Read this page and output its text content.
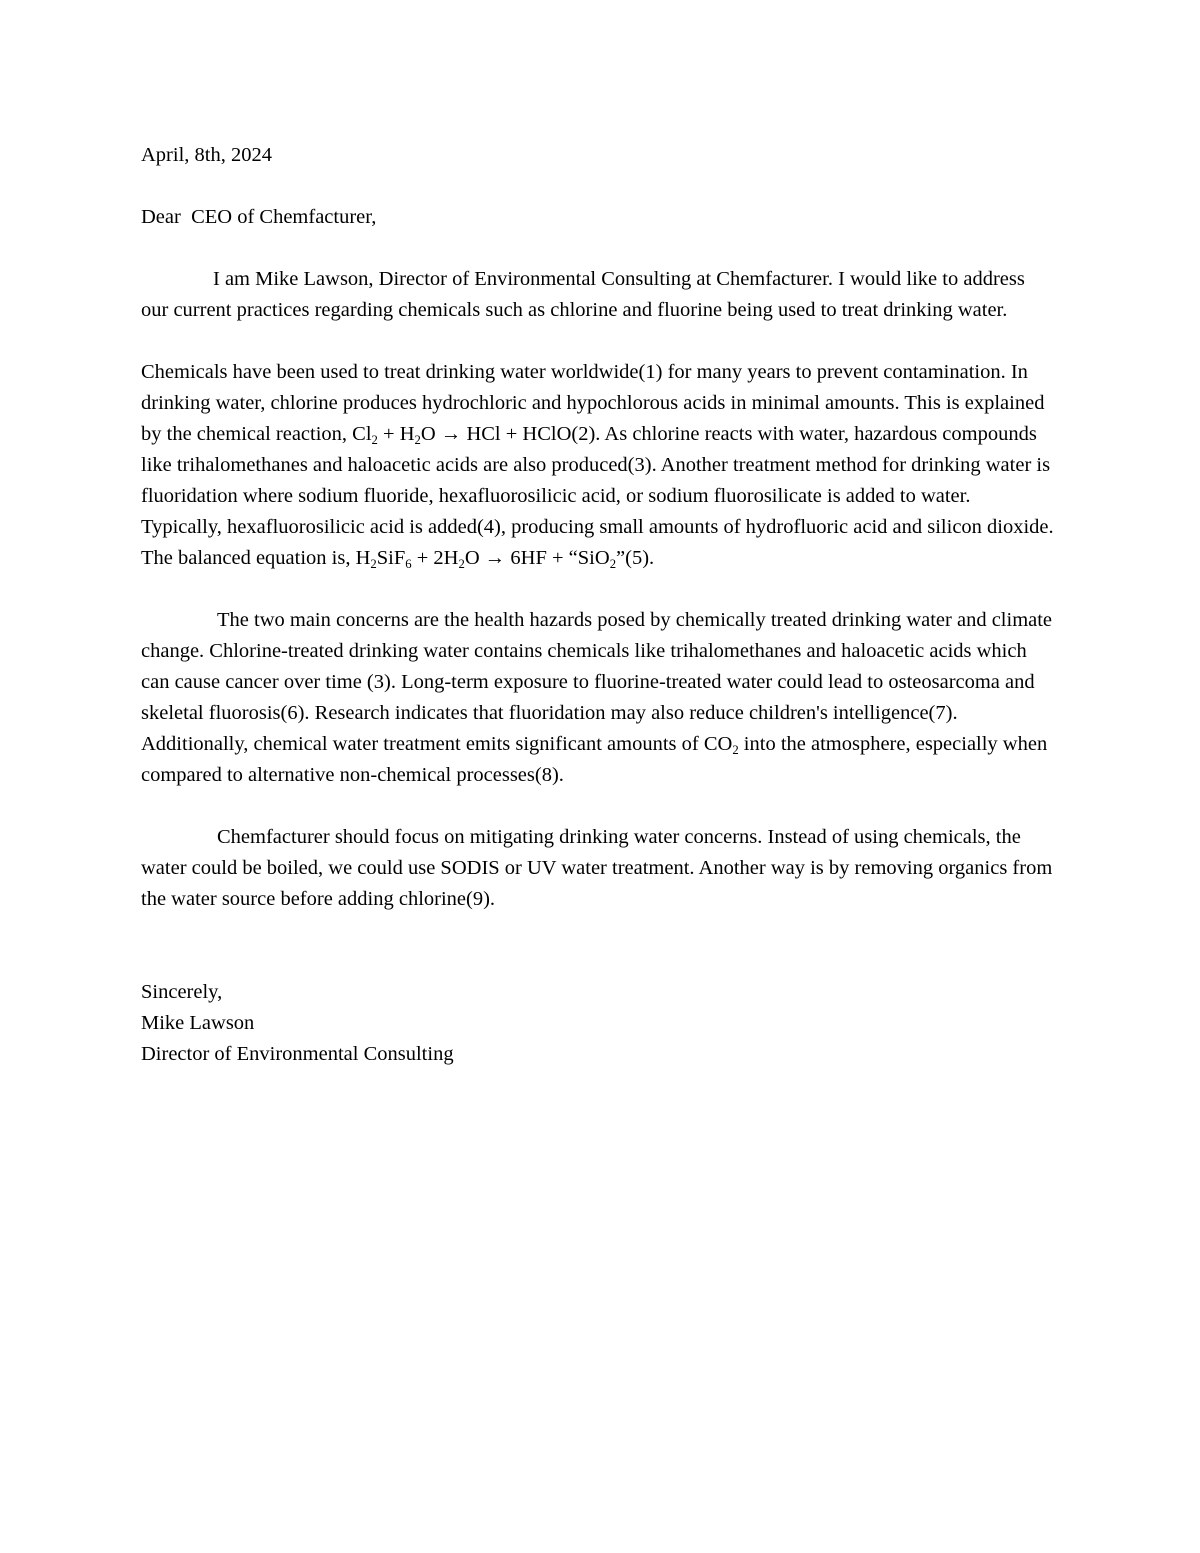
April, 8th, 2024

Dear  CEO of Chemfacturer,

I am Mike Lawson, Director of Environmental Consulting at Chemfacturer. I would like to address our current practices regarding chemicals such as chlorine and fluorine being used to treat drinking water.

Chemicals have been used to treat drinking water worldwide(1) for many years to prevent contamination. In drinking water, chlorine produces hydrochloric and hypochlorous acids in minimal amounts. This is explained by the chemical reaction, $Cl_2 + H_2O$ → HCl + HClO(2). As chlorine reacts with water, hazardous compounds like trihalomethanes and haloacetic acids are also produced(3). Another treatment method for drinking water is fluoridation where sodium fluoride, hexafluorosilicic acid, or sodium fluorosilicate is added to water. Typically, hexafluorosilicic acid is added(4), producing small amounts of hydrofluoric acid and silicon dioxide. The balanced equation is, $H_2SiF_6 + 2H_2O \to 6HF$ + “SiO$_2$”(5).

The two main concerns are the health hazards posed by chemically treated drinking water and climate change. Chlorine-treated drinking water contains chemicals like trihalomethanes and haloacetic acids which can cause cancer over time (3). Long-term exposure to fluorine-treated water could lead to osteosarcoma and skeletal fluorosis(6). Research indicates that fluoridation may also reduce children's intelligence(7). Additionally, chemical water treatment emits significant amounts of $CO_2$ into the atmosphere, especially when compared to alternative non-chemical processes(8).

Chemfacturer should focus on mitigating drinking water concerns. Instead of using chemicals, the water could be boiled, we could use SODIS or UV water treatment. Another way is by removing organics from the water source before adding chlorine(9).

Sincerely,
Mike Lawson
Director of Environmental Consulting
